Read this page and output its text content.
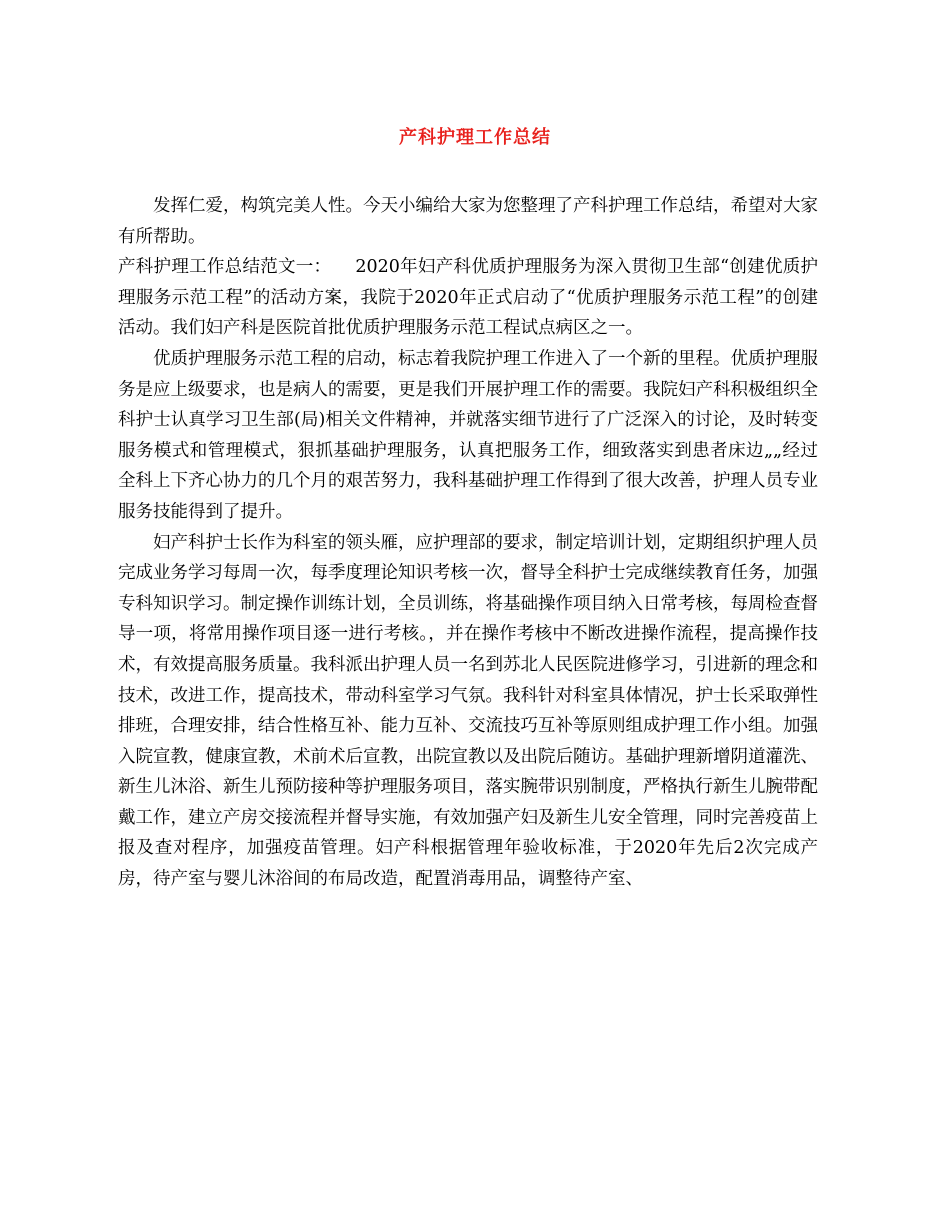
产科护理工作总结

发挥仁爱，构筑完美人性。今天小编给大家为您整理了产科护理工作总结，希望对大家有所帮助。

产科护理工作总结范文一： 2020年妇产科优质护理服务为深入贯彻卫生部“创建优质护理服务示范工程”的活动方案，我院于2020年正式启动了“优质护理服务示范工程”的创建活动。我们妇产科是医院首批优质护理服务示范工程试点病区之一。

优质护理服务示范工程的启动，标志着我院护理工作进入了一个新的里程。优质护理服务是应上级要求，也是病人的需要，更是我们开展护理工作的需要。我院妇产科积极组织全科护士认真学习卫生部(局)相关文件精神，并就落实细节进行了广泛深入的讨论，及时转变服务模式和管理模式，狠抓基础护理服务，认真把服务工作，细致落实到患者床边„„经过全科上下齐心协力的几个月的艰苦努力，我科基础护理工作得到了很大改善，护理人员专业服务技能得到了提升。

妇产科护士长作为科室的领头雁，应护理部的要求，制定培训计划，定期组织护理人员完成业务学习每周一次，每季度理论知识考核一次，督导全科护士完成继续教育任务，加强专科知识学习。制定操作训练计划，全员训练，将基础操作项目纳入日常考核，每周检查督导一项，将常用操作项目逐一进行考核。，并在操作考核中不断改进操作流程，提高操作技术，有效提高服务质量。我科派出护理人员一名到苏北人民医院进修学习，引进新的理念和技术，改进工作，提高技术，带动科室学习气氛。我科针对科室具体情况，护士长采取弹性排班，合理安排，结合性格互补、能力互补、交流技巧互补等原则组成护理工作小组。加强入院宣教，健康宣教，术前术后宣教，出院宣教以及出院后随访。基础护理新增阴道灌洗、新生儿沐浴、新生儿预防接种等护理服务项目，落实腕带识别制度，严格执行新生儿腕带配戴工作，建立产房交接流程并督导实施，有效加强产妇及新生儿安全管理，同时完善疫苗上报及查对程序，加强疫苗管理。妇产科根据管理年验收标准，于2020年先后2次完成产房，待产室与婴儿沐浴间的布局改造，配置消毒用品，调整待产室、
